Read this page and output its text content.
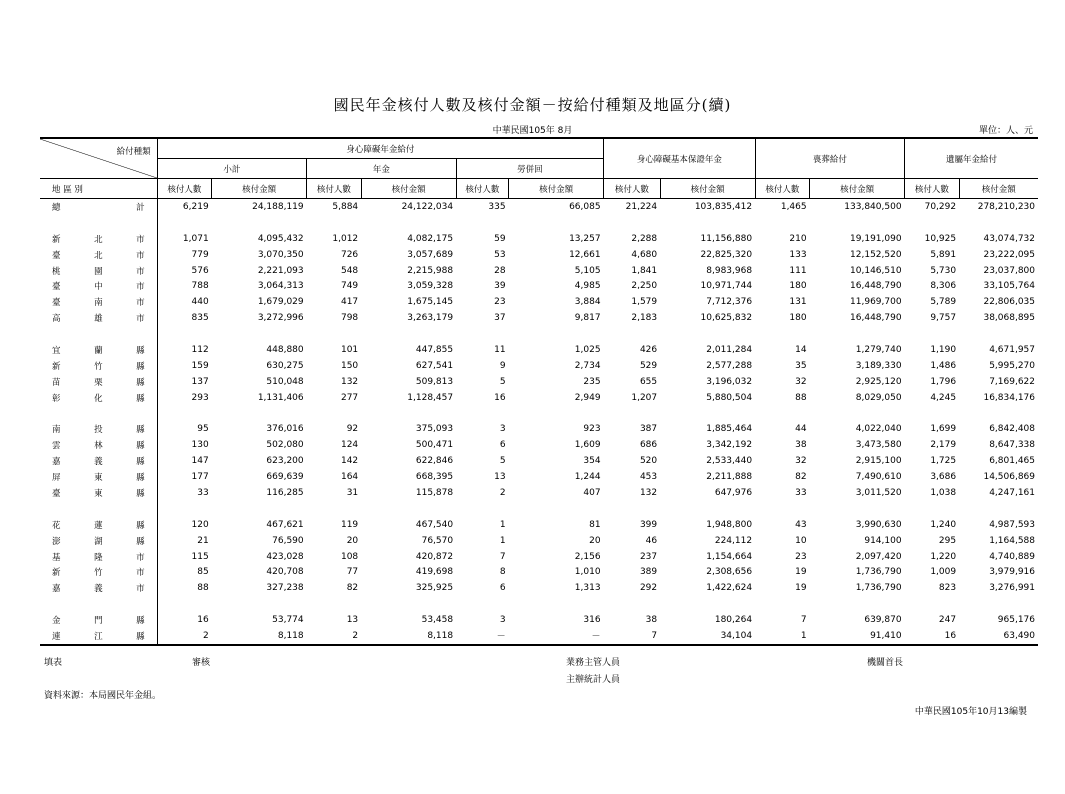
國民年金核付人數及核付金額－按給付種類及地區分(續)
中華民國105年 8月	單位：人、元
給付種類	身心障礙年金給付						身心障礙基本保證年金		喪葬給付		遺屬年金給付	
	小計		年金		勞併回							
地 區 別	核付人數	核付金額	核付人數	核付金額	核付人數	核付金額	核付人數	核付金額	核付人數	核付金額	核付人數	核付金額
總計	6,219	24,188,119	5,884	24,122,034	335	66,085	21,224	103,835,412	1,465	133,840,500	70,292	278,210,230

新北市	1,071	4,095,432	1,012	4,082,175	59	13,257	2,288	11,156,880	210	19,191,090	10,925	43,074,732
臺北市	779	3,070,350	726	3,057,689	53	12,661	4,680	22,825,320	133	12,152,520	5,891	23,222,095
桃園市	576	2,221,093	548	2,215,988	28	5,105	1,841	8,983,968	111	10,146,510	5,730	23,037,800
臺中市	788	3,064,313	749	3,059,328	39	4,985	2,250	10,971,744	180	16,448,790	8,306	33,105,764
臺南市	440	1,679,029	417	1,675,145	23	3,884	1,579	7,712,376	131	11,969,700	5,789	22,806,035
高雄市	835	3,272,996	798	3,263,179	37	9,817	2,183	10,625,832	180	16,448,790	9,757	38,068,895

宜蘭縣	112	448,880	101	447,855	11	1,025	426	2,011,284	14	1,279,740	1,190	4,671,957
新竹縣	159	630,275	150	627,541	9	2,734	529	2,577,288	35	3,189,330	1,486	5,995,270
苗栗縣	137	510,048	132	509,813	5	235	655	3,196,032	32	2,925,120	1,796	7,169,622
彰化縣	293	1,131,406	277	1,128,457	16	2,949	1,207	5,880,504	88	8,029,050	4,245	16,834,176

南投縣	95	376,016	92	375,093	3	923	387	1,885,464	44	4,022,040	1,699	6,842,408
雲林縣	130	502,080	124	500,471	6	1,609	686	3,342,192	38	3,473,580	2,179	8,647,338
嘉義縣	147	623,200	142	622,846	5	354	520	2,533,440	32	2,915,100	1,725	6,801,465
屏東縣	177	669,639	164	668,395	13	1,244	453	2,211,888	82	7,490,610	3,686	14,506,869
臺東縣	33	116,285	31	115,878	2	407	132	647,976	33	3,011,520	1,038	4,247,161

花蓮縣	120	467,621	119	467,540	1	81	399	1,948,800	43	3,990,630	1,240	4,987,593
澎湖縣	21	76,590	20	76,570	1	20	46	224,112	10	914,100	295	1,164,588
基隆市	115	423,028	108	420,872	7	2,156	237	1,154,664	23	2,097,420	1,220	4,740,889
新竹市	85	420,708	77	419,698	8	1,010	389	2,308,656	19	1,736,790	1,009	3,979,916
嘉義市	88	327,238	82	325,925	6	1,313	292	1,422,624	19	1,736,790	823	3,276,991

金門縣	16	53,774	13	53,458	3	316	38	180,264	7	639,870	247	965,176
連江縣	2	8,118	2	8,118	－	－	7	34,104	1	91,410	16	63,490
填表	審核	業務主管人員
主辦統計人員
機關首長
資料來源：本局國民年金組。
中華民國105年10月13編製
